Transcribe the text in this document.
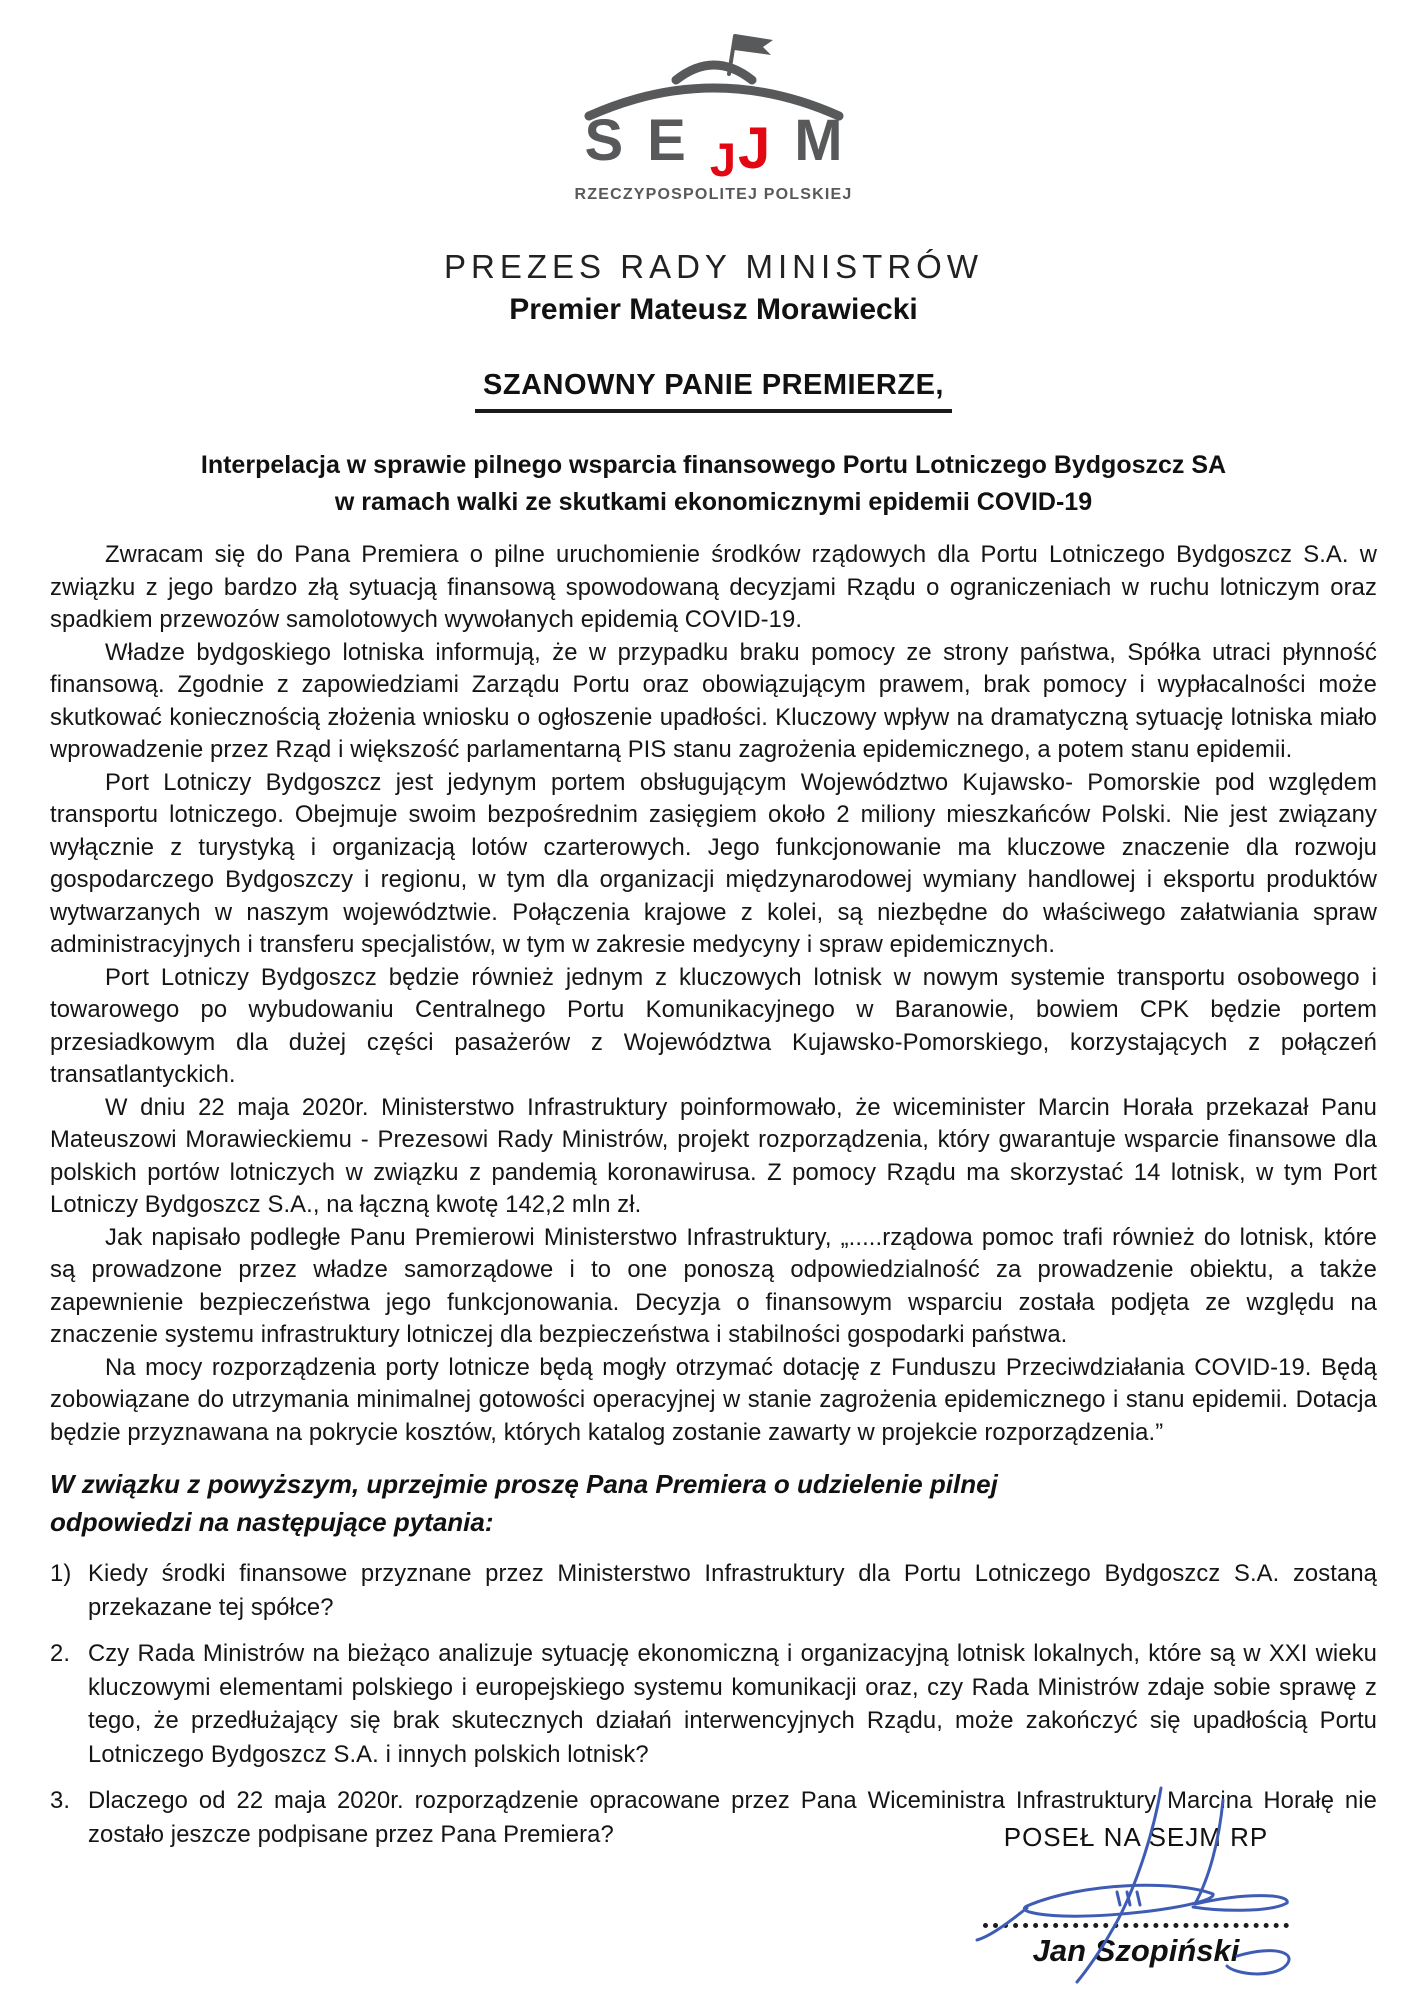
S E JJ M
RZECZYPOSPOLITEJ POLSKIEJ
PREZES RADY MINISTRÓW
Premier Mateusz Morawiecki
SZANOWNY PANIE PREMIERZE,
Interpelacja w sprawie pilnego wsparcia finansowego Portu Lotniczego Bydgoszcz SA
w ramach walki ze skutkami ekonomicznymi epidemii COVID-19

Zwracam się do Pana Premiera o pilne uruchomienie środków rządowych dla Portu Lotniczego Bydgoszcz S.A. w związku z jego bardzo złą sytuacją finansową spowodowaną decyzjami Rządu o ograniczeniach w ruchu lotniczym oraz spadkiem przewozów samolotowych wywołanych epidemią COVID-19.

Władze bydgoskiego lotniska informują, że w przypadku braku pomocy ze strony państwa, Spółka utraci płynność finansową. Zgodnie z zapowiedziami Zarządu Portu oraz obowiązującym prawem, brak pomocy i wypłacalności może skutkować koniecznością złożenia wniosku o ogłoszenie upadłości. Kluczowy wpływ na dramatyczną sytuację lotniska miało wprowadzenie przez Rząd i większość parlamentarną PIS stanu zagrożenia epidemicznego, a potem stanu epidemii.

Port Lotniczy Bydgoszcz jest jedynym portem obsługującym Województwo Kujawsko- Pomorskie pod względem transportu lotniczego. Obejmuje swoim bezpośrednim zasięgiem około 2 miliony mieszkańców Polski. Nie jest związany wyłącznie z turystyką i organizacją lotów czarterowych. Jego funkcjonowanie ma kluczowe znaczenie dla rozwoju gospodarczego Bydgoszczy i regionu, w tym dla organizacji międzynarodowej wymiany handlowej i eksportu produktów wytwarzanych w naszym województwie. Połączenia krajowe z kolei, są niezbędne do właściwego załatwiania spraw administracyjnych i transferu specjalistów, w tym w zakresie medycyny i spraw epidemicznych.

Port Lotniczy Bydgoszcz będzie również jednym z kluczowych lotnisk w nowym systemie transportu osobowego i towarowego po wybudowaniu Centralnego Portu Komunikacyjnego w Baranowie, bowiem CPK będzie portem przesiadkowym dla dużej części pasażerów z Województwa Kujawsko-Pomorskiego, korzystających z połączeń transatlantyckich.

W dniu 22 maja 2020r. Ministerstwo Infrastruktury poinformowało, że wiceminister Marcin Horała przekazał Panu Mateuszowi Morawieckiemu - Prezesowi Rady Ministrów, projekt rozporządzenia, który gwarantuje wsparcie finansowe dla polskich portów lotniczych w związku z pandemią koronawirusa. Z pomocy Rządu ma skorzystać 14 lotnisk, w tym Port Lotniczy Bydgoszcz S.A., na łączną kwotę 142,2 mln zł.

Jak napisało podległe Panu Premierowi Ministerstwo Infrastruktury, „.....rządowa pomoc trafi również do lotnisk, które są prowadzone przez władze samorządowe i to one ponoszą odpowiedzialność za prowadzenie obiektu, a także zapewnienie bezpieczeństwa jego funkcjonowania. Decyzja o finansowym wsparciu została podjęta ze względu na znaczenie systemu infrastruktury lotniczej dla bezpieczeństwa i stabilności gospodarki państwa.

Na mocy rozporządzenia porty lotnicze będą mogły otrzymać dotację z Funduszu Przeciwdziałania COVID-19. Będą zobowiązane do utrzymania minimalnej gotowości operacyjnej w stanie zagrożenia epidemicznego i stanu epidemii. Dotacja będzie przyznawana na pokrycie kosztów, których katalog zostanie zawarty w projekcie rozporządzenia.”

W związku z powyższym, uprzejmie proszę Pana Premiera o udzielenie pilnej
odpowiedzi na następujące pytania:
1) Kiedy środki finansowe przyznane przez Ministerstwo Infrastruktury dla Portu Lotniczego Bydgoszcz S.A. zostaną przekazane tej spółce?
2. Czy Rada Ministrów na bieżąco analizuje sytuację ekonomiczną i organizacyjną lotnisk lokalnych, które są w XXI wieku kluczowymi elementami polskiego i europejskiego systemu komunikacji oraz, czy Rada Ministrów zdaje sobie sprawę z tego, że przedłużający się brak skutecznych działań interwencyjnych Rządu, może zakończyć się upadłością Portu Lotniczego Bydgoszcz S.A. i innych polskich lotnisk?
3. Dlaczego od 22 maja 2020r. rozporządzenie opracowane przez Pana Wiceministra Infrastruktury Marcina Horałę nie zostało jeszcze podpisane przez Pana Premiera?	POSEŁ NA SEJM RP
Jan Szopiński
